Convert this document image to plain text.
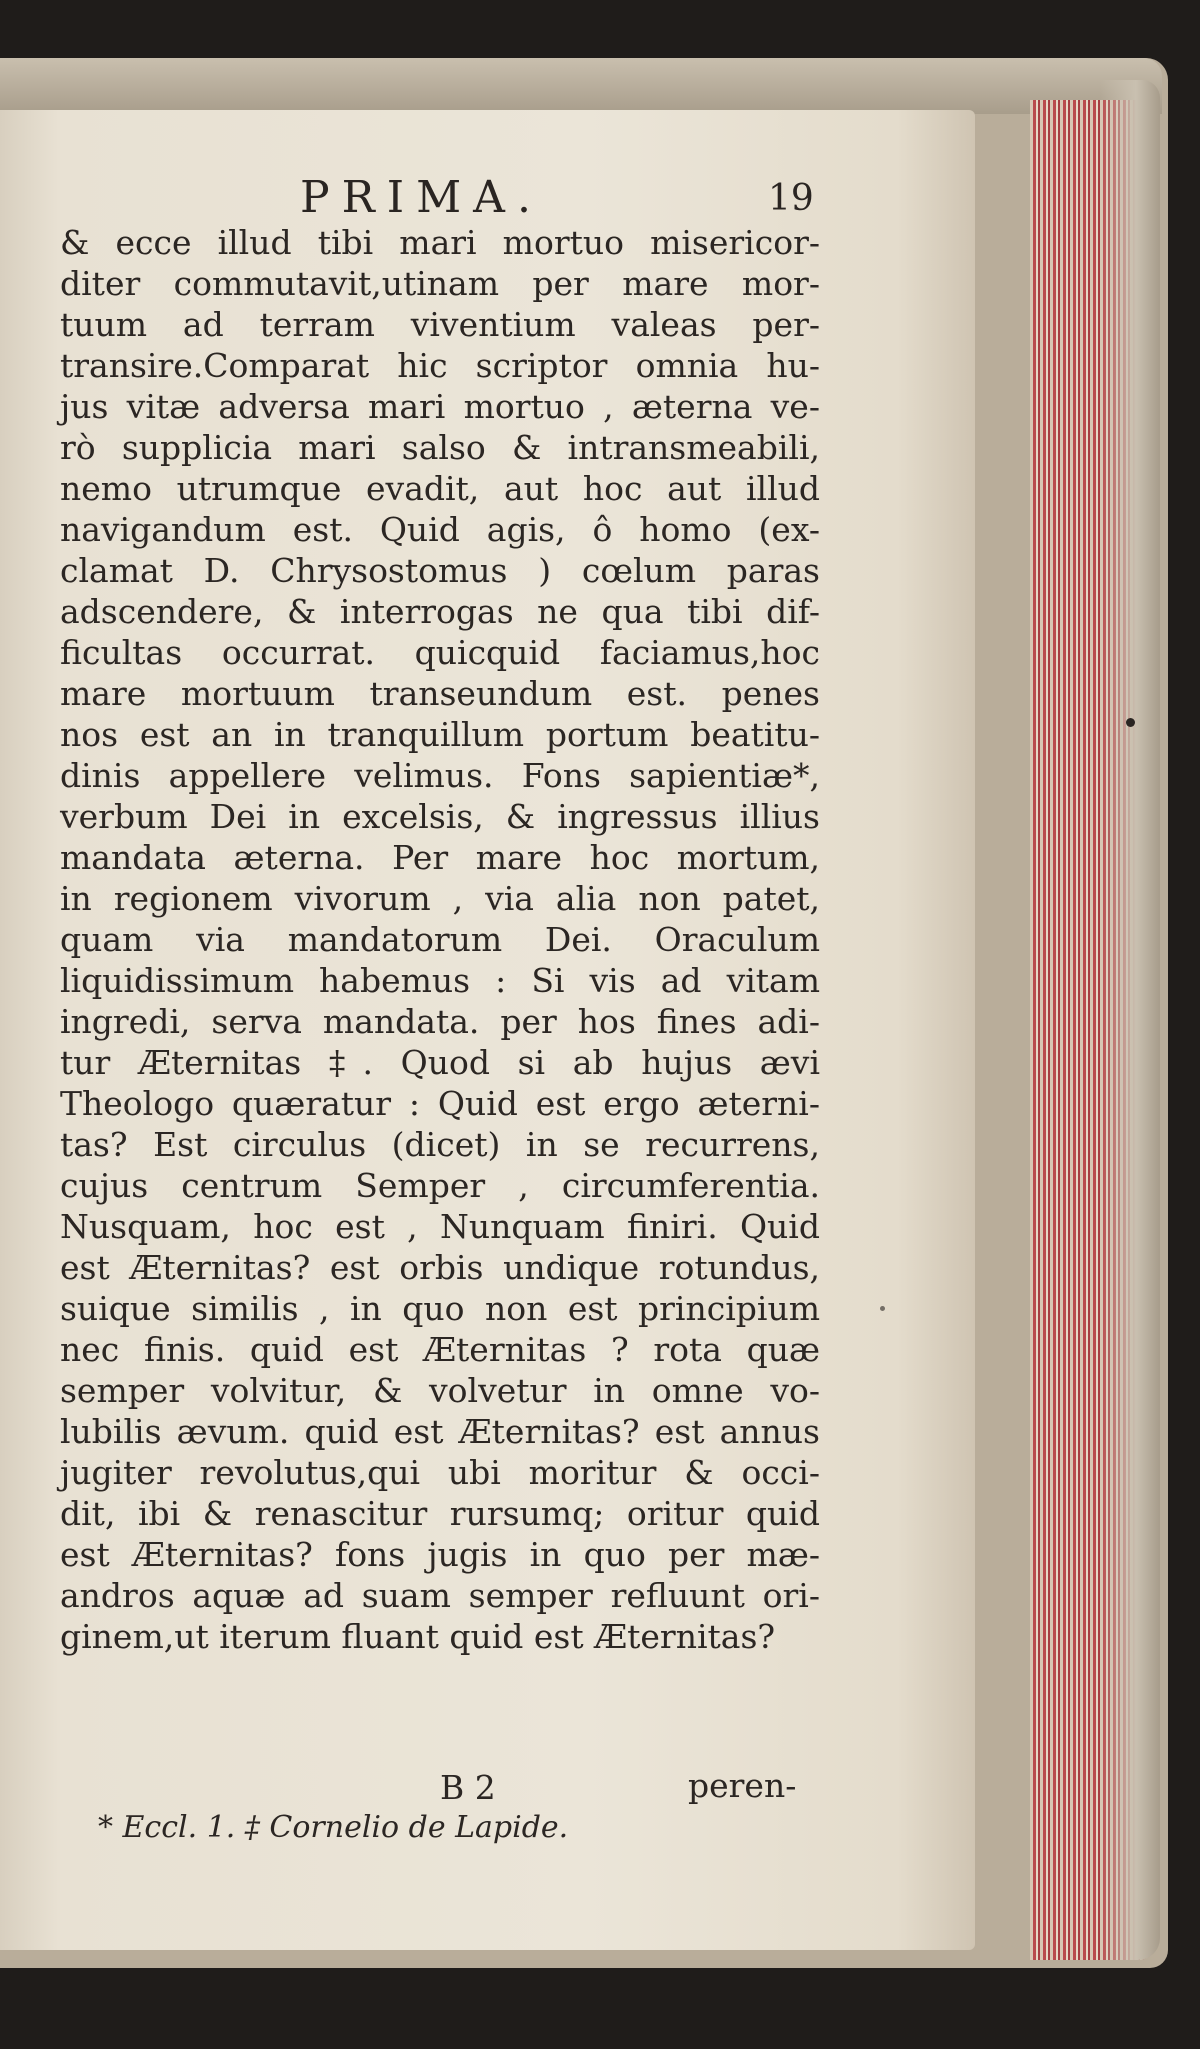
PRIMA.	19
& ecce illud tibi mari mortuo misericor-
diter commutavit,utinam per mare mor-
tuum ad terram viventium valeas per-
transire.Comparat hic scriptor omnia hu-
jus vitæ adversa mari mortuo , æterna ve-
rò supplicia mari salso & intransmeabili,
nemo utrumque evadit, aut hoc aut illud
navigandum est. Quid agis, ô homo (ex-
clamat D. Chrysostomus ) cœlum paras
adscendere, & interrogas ne qua tibi dif-
ficultas occurrat. quicquid faciamus,hoc
mare mortuum transeundum est. penes
nos est an in tranquillum portum beatitu-
dinis appellere velimus. Fons sapientiæ*,
verbum Dei in excelsis, & ingressus illius
mandata æterna. Per mare hoc mortum,
in regionem vivorum , via alia non patet,
quam via mandatorum Dei. Oraculum
liquidissimum habemus : Si vis ad vitam
ingredi, serva mandata. per hos fines adi-
tur Æternitas ‡. Quod si ab hujus ævi
Theologo quæratur : Quid est ergo æterni-
tas? Est circulus (dicet) in se recurrens,
cujus centrum Semper , circumferentia.
Nusquam, hoc est , Nunquam finiri. Quid
est Æternitas? est orbis undique rotundus,
suique similis , in quo non est principium
nec finis. quid est Æternitas ? rota quæ
semper volvitur, & volvetur in omne vo-
lubilis ævum. quid est Æternitas? est annus
jugiter revolutus,qui ubi moritur & occi-
dit, ibi & renascitur rursumq; oritur quid
est Æternitas? fons jugis in quo per mæ-
andros aquæ ad suam semper refluunt ori-
ginem,ut iterum fluant quid est Æternitas?
B 2	peren-
* Eccl. 1. ‡ Cornelio de Lapide.
